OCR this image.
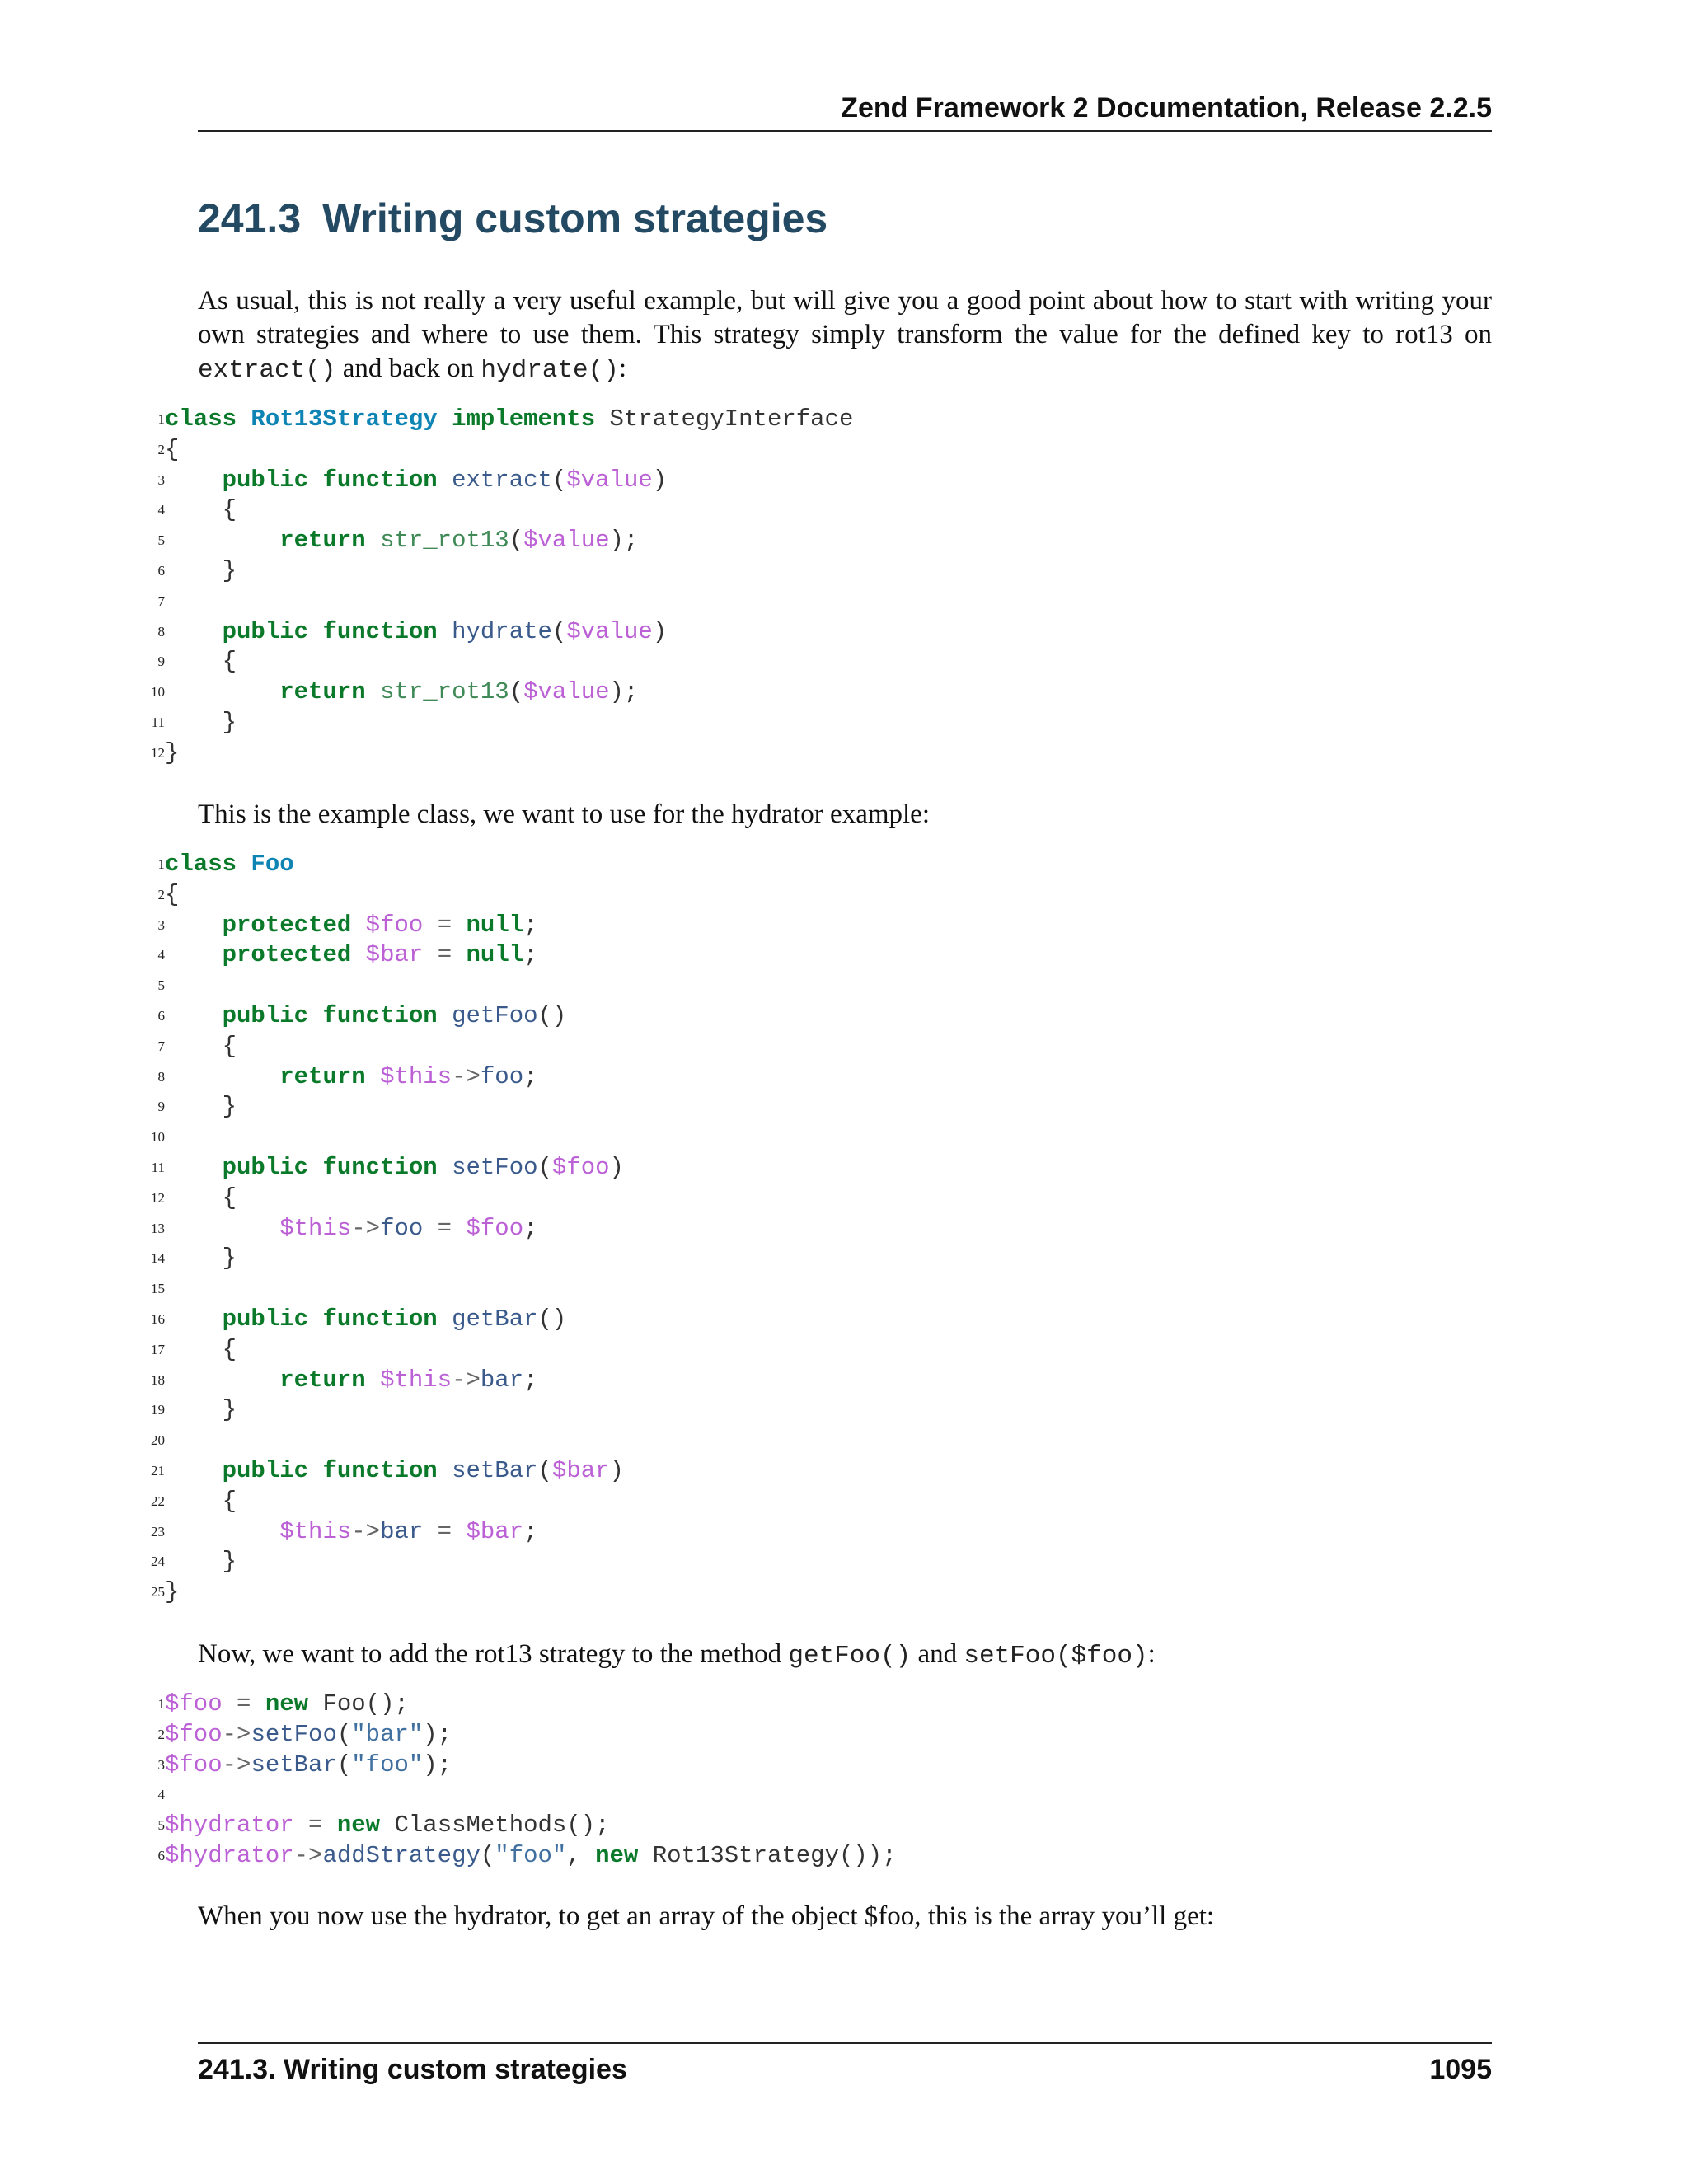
Zend Framework 2 Documentation, Release 2.2.5
241.3 Writing custom strategies

As usual, this is not really a very useful example, but will give you a good point about how to start with writing your own strategies and where to use them. This strategy simply transform the value for the defined key to rot13 on extract() and back on hydrate():

1 class Rot13Strategy implements StrategyInterface
2 {
3	public function extract($value)
4 {
5	return str_rot13($value);
6 }
7
8	public function hydrate($value)
9 {
10	return str_rot13($value);
11 }
12 }

This is the example class, we want to use for the hydrator example:

1 class Foo
2 {
3	protected $foo = null;
4	protected $bar = null;
5
6	public function getFoo()
7 {
8	return $this->foo;
9 }
10
11	public function setFoo($foo)
12 {
13	$this->foo = $foo;
14 }
15
16	public function getBar()
17 {
18	return $this->bar;
19 }
20
21	public function setBar($bar)
22 {
23	$this->bar = $bar;
24 }
25 }

Now, we want to add the rot13 strategy to the method getFoo() and setFoo($foo):

1 $foo = new Foo();
2 $foo->setFoo("bar");
3 $foo->setBar("foo");
4
5 $hydrator = new ClassMethods();
6 $hydrator->addStrategy("foo", new Rot13Strategy());

When you now use the hydrator, to get an array of the object $foo, this is the array you’ll get:

241.3. Writing custom strategies	1095
